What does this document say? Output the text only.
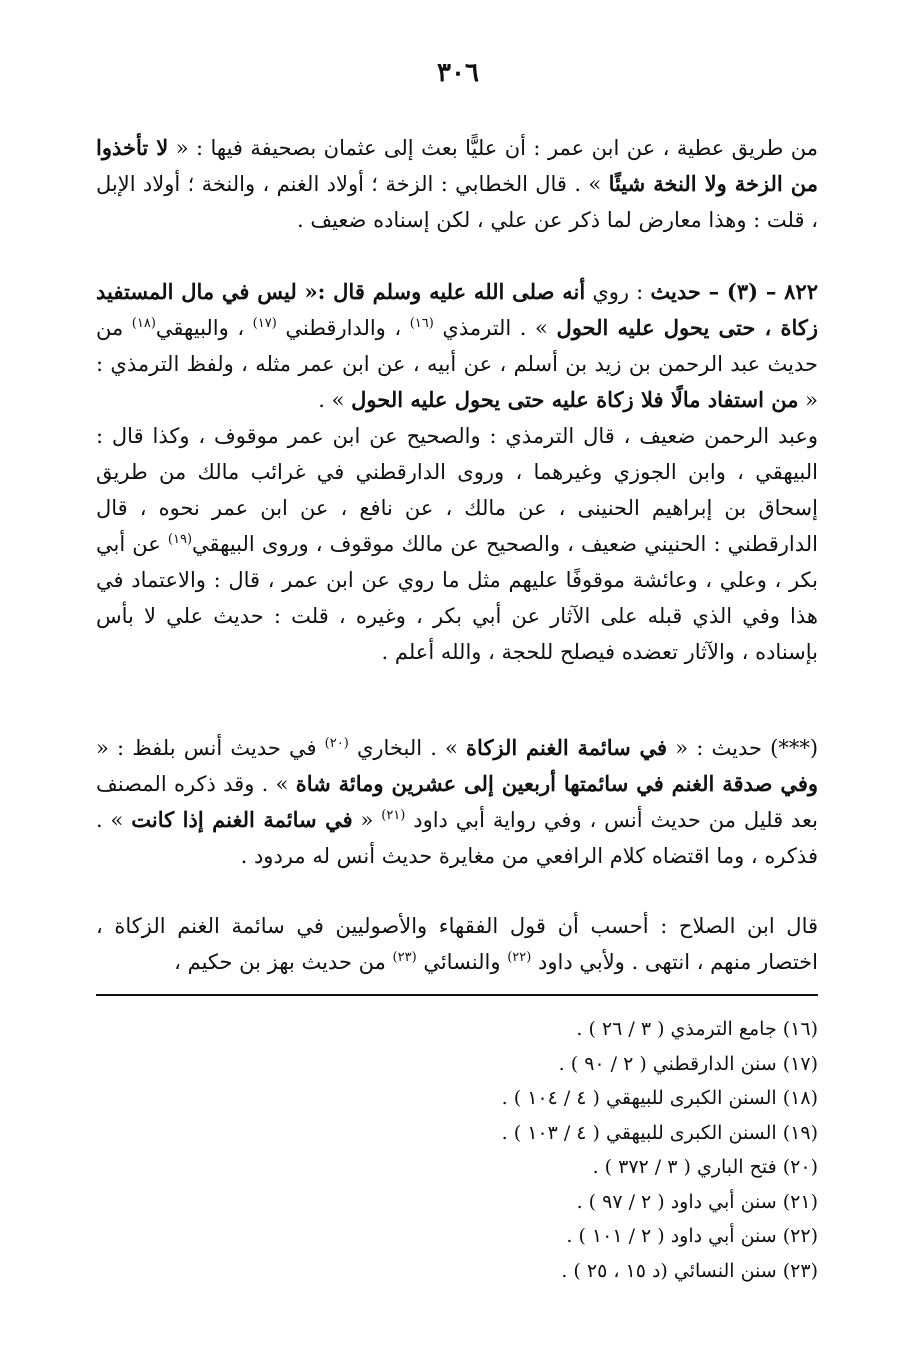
٣٠٦

من طريق عطية ، عن ابن عمر : أن عليًّا بعث إلى عثمان بصحيفة فيها : « لا تأخذوا من الزخة ولا النخة شيئًا » . قال الخطابي : الزخة ؛ أولاد الغنم ، والنخة ؛ أولاد الإبل ، قلت : وهذا معارض لما ذكر عن علي ، لكن إسناده ضعيف .

٨٢٢ – (٣) – حديث : روي أنه صلى الله عليه وسلم قال :« ليس في مال المستفيد زكاة ، حتى يحول عليه الحول » . الترمذي $^{(١٦)}$ ، والدارقطني $^{(١٧)}$ ، والبيهقي$^{(١٨)}$ من حديث عبد الرحمن بن زيد بن أسلم ، عن أبيه ، عن ابن عمر مثله ، ولفظ الترمذي : « من استفاد مالًا فلا زكاة عليه حتى يحول عليه الحول » .

وعبد الرحمن ضعيف ، قال الترمذي : والصحيح عن ابن عمر موقوف ، وكذا قال : البيهقي ، وابن الجوزي وغيرهما ، وروى الدارقطني في غرائب مالك من طريق إسحاق بن إبراهيم الحنينى ، عن مالك ، عن نافع ، عن ابن عمر نحوه ، قال الدارقطني : الحنيني ضعيف ، والصحيح عن مالك موقوف ، وروى البيهقي$^{(١٩)}$ عن أبي بكر ، وعلي ، وعائشة موقوفًا عليهم مثل ما روي عن ابن عمر ، قال : والاعتماد في هذا وفي الذي قبله على الآثار عن أبي بكر ، وغيره ، قلت : حديث علي لا بأس بإسناده ، والآثار تعضده فيصلح للحجة ، والله أعلم .

(***) حديث : « في سائمة الغنم الزكاة » . البخاري $^{(٢٠)}$ في حديث أنس بلفظ : « وفي صدقة الغنم في سائمتها أربعين إلى عشرين ومائة شاة » . وقد ذكره المصنف بعد قليل من حديث أنس ، وفي رواية أبي داود $^{(٢١)}$ « في سائمة الغنم إذا كانت » . فذكره ، وما اقتضاه كلام الرافعي من مغايرة حديث أنس له مردود .

قال ابن الصلاح : أحسب أن قول الفقهاء والأصوليين في سائمة الغنم الزكاة ، اختصار منهم ، انتهى . ولأبي داود $^{(٢٢)}$ والنسائي $^{(٢٣)}$ من حديث بهز بن حكيم ،

(١٦) جامع الترمذي ( ٣ / ٢٦ ) .
(١٧) سنن الدارقطني ( ٢ / ٩٠ ) .
(١٨) السنن الكبرى للبيهقي ( ٤ / ١٠٤ ) .
(١٩) السنن الكبرى للبيهقي ( ٤ / ١٠٣ ) .
(٢٠) فتح الباري ( ٣ / ٣٧٢ ) .
(٢١) سنن أبي داود ( ٢ / ٩٧ ) .
(٢٢) سنن أبي داود ( ٢ / ١٠١ ) .
(٢٣) سنن النسائي (د ١٥ ، ٢٥ ) .
